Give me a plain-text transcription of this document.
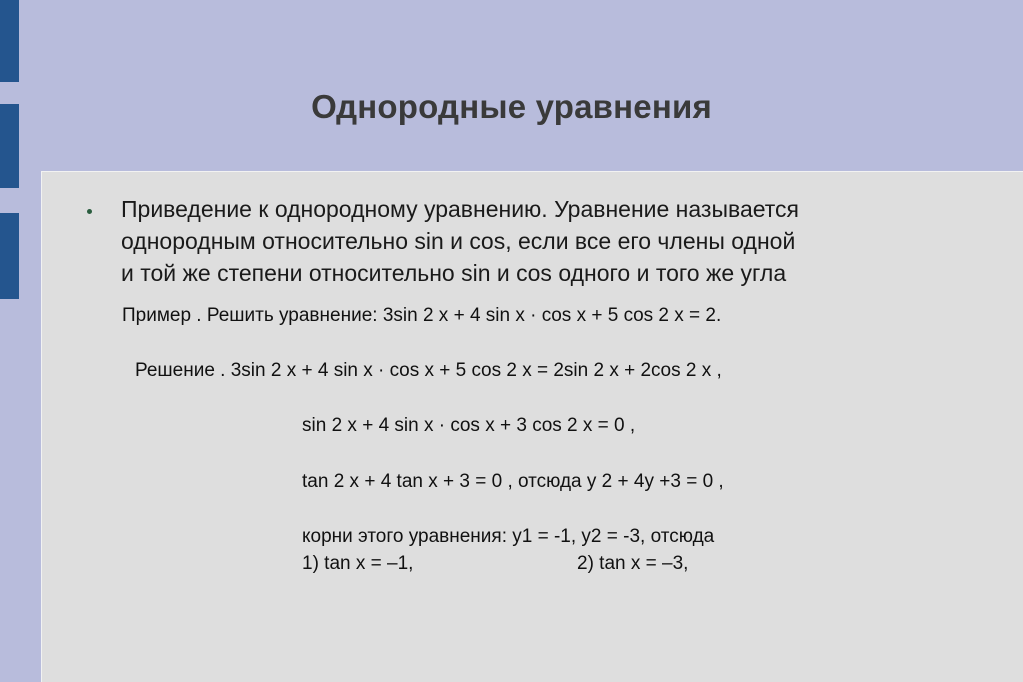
Однородные уравнения
Приведение к однородному уравнению. Уравнение называется
однородным относительно sin и cos, если все его члены одной
и той же степени относительно sin и cos одного и того же угла
Пример . Решить уравнение: 3sin 2 x + 4 sin x · cos x + 5 cos 2 x = 2.
Решение . 3sin 2 x + 4 sin x · cos x + 5 cos 2 x = 2sin 2 x + 2cos 2 x ,
sin 2 x + 4 sin x · cos x + 3 cos 2 x = 0 ,
tan 2 x + 4 tan x + 3 = 0 , отсюда y 2 + 4y +3 = 0 ,
корни этого уравнения: y1 = -1, y2 = -3, отсюда
1) tan x = –1,	2) tan x = –3,
